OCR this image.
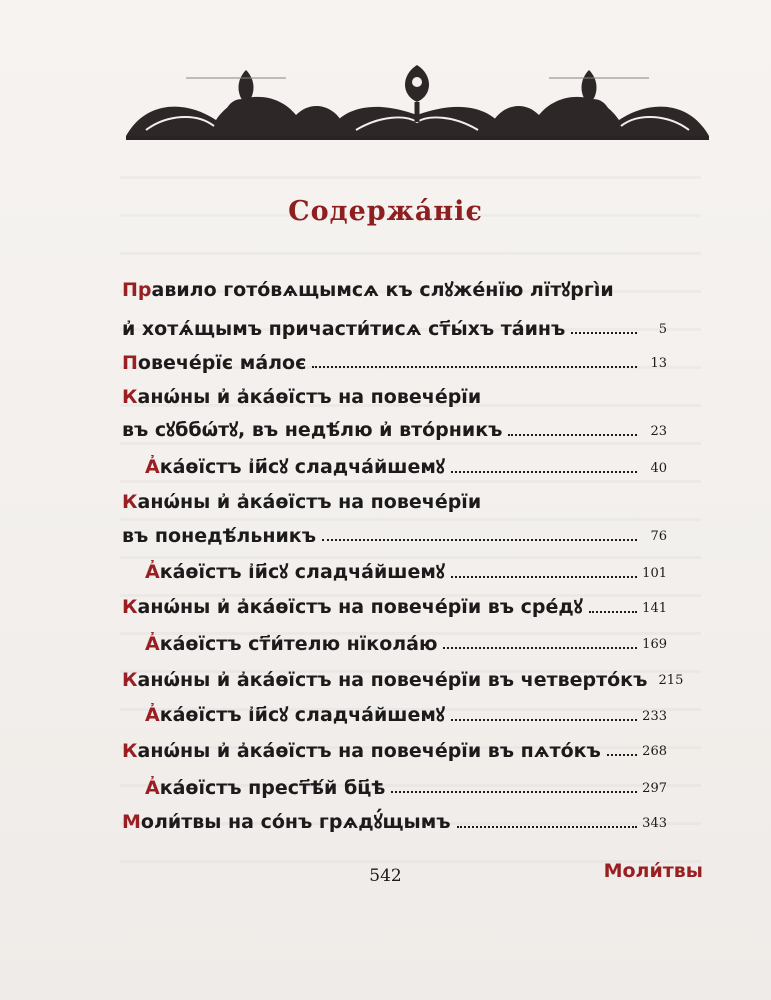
Содержа́ніє
Правило гото́вѧщымсѧ къ слꙋже́нїю лїтꙋргі̀и
и҆ хотѧ́щымъ причасти́тисѧ ст҃ы́хъ та́инъ	5
Повече́рїє ма́лоє	13
Канѡ́ны и҆ а҆ка́ѳїстъ на повече́рїи
въ сꙋббѡ́тꙋ, въ недѣ́лю и҆ вто́рникъ	23
А҆ка́ѳїстъ і҆и҃сꙋ сладча́йшемꙋ	40
Канѡ́ны и҆ а҆ка́ѳїстъ на повече́рїи
въ понедѣ́льникъ	76
А҆ка́ѳїстъ і҆и҃сꙋ сладча́йшемꙋ	101
Канѡ́ны и҆ а҆ка́ѳїстъ на повече́рїи въ сре́дꙋ	141
А҆ка́ѳїстъ ст҃и́телю нїкола́ю	169
Канѡ́ны и҆ а҆ка́ѳїстъ на повече́рїи въ четверто́къ 215
А҆ка́ѳїстъ і҆и҃сꙋ сладча́йшемꙋ	233
Канѡ́ны и҆ а҆ка́ѳїстъ на повече́рїи въ пѧто́къ	268
А҆ка́ѳїстъ прест҃ѣ́й бц҃ѣ	297
Моли́твы на со́нъ грѧдꙋ́щымъ	343
542	Моли́твы
